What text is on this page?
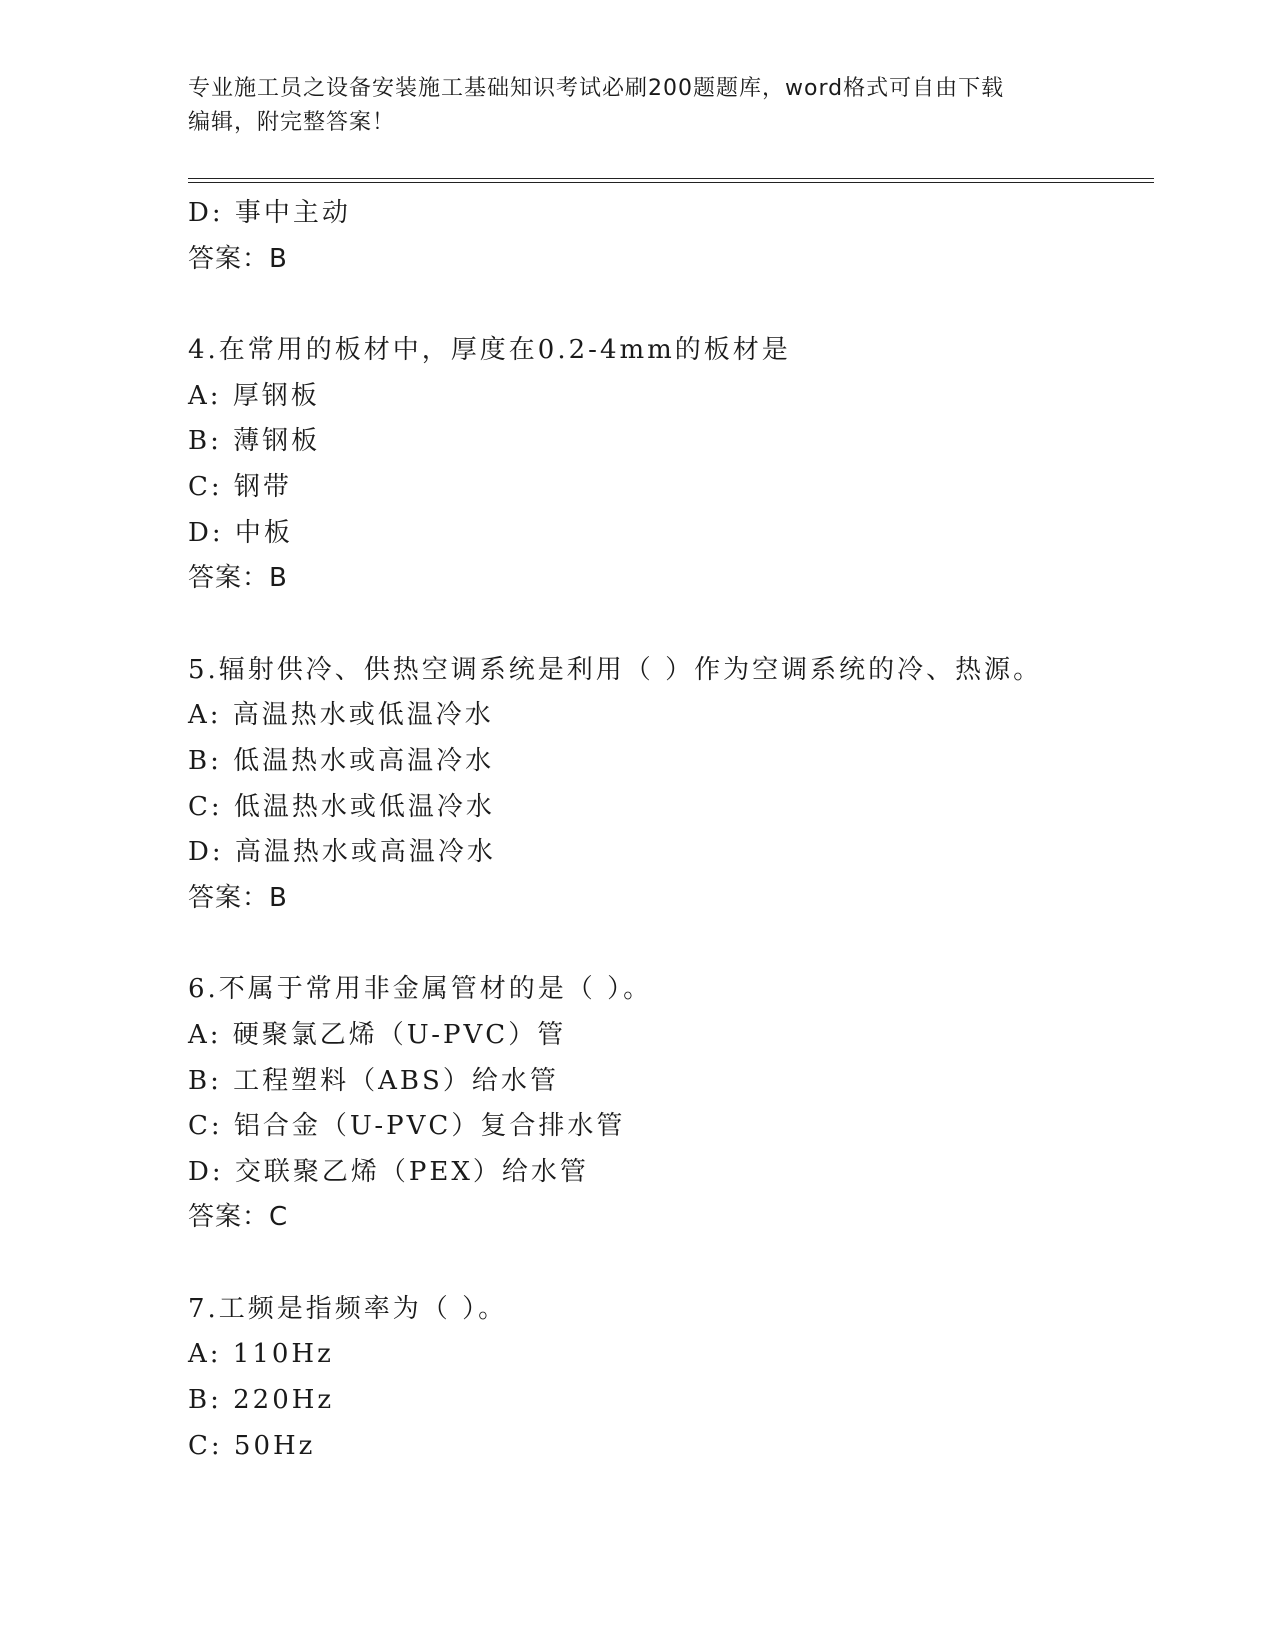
专业施工员之设备安装施工基础知识考试必刷200题题库，word格式可自由下载

编辑，附完整答案！

D: 事中主动
答案：B
4.在常用的板材中，厚度在0.2-4mm的板材是
A: 厚钢板
B: 薄钢板
C: 钢带
D: 中板
答案：B
5.辐射供冷、供热空调系统是利用（ ）作为空调系统的冷、热源。
A: 高温热水或低温冷水
B: 低温热水或高温冷水
C: 低温热水或低温冷水
D: 高温热水或高温冷水
答案：B
6.不属于常用非金属管材的是（ ）。
A: 硬聚氯乙烯（U-PVC）管
B: 工程塑料（ABS）给水管
C: 铝合金（U-PVC）复合排水管
D: 交联聚乙烯（PEX）给水管
答案：C
7.工频是指频率为（ ）。
A: 110Hz
B: 220Hz
C: 50Hz
